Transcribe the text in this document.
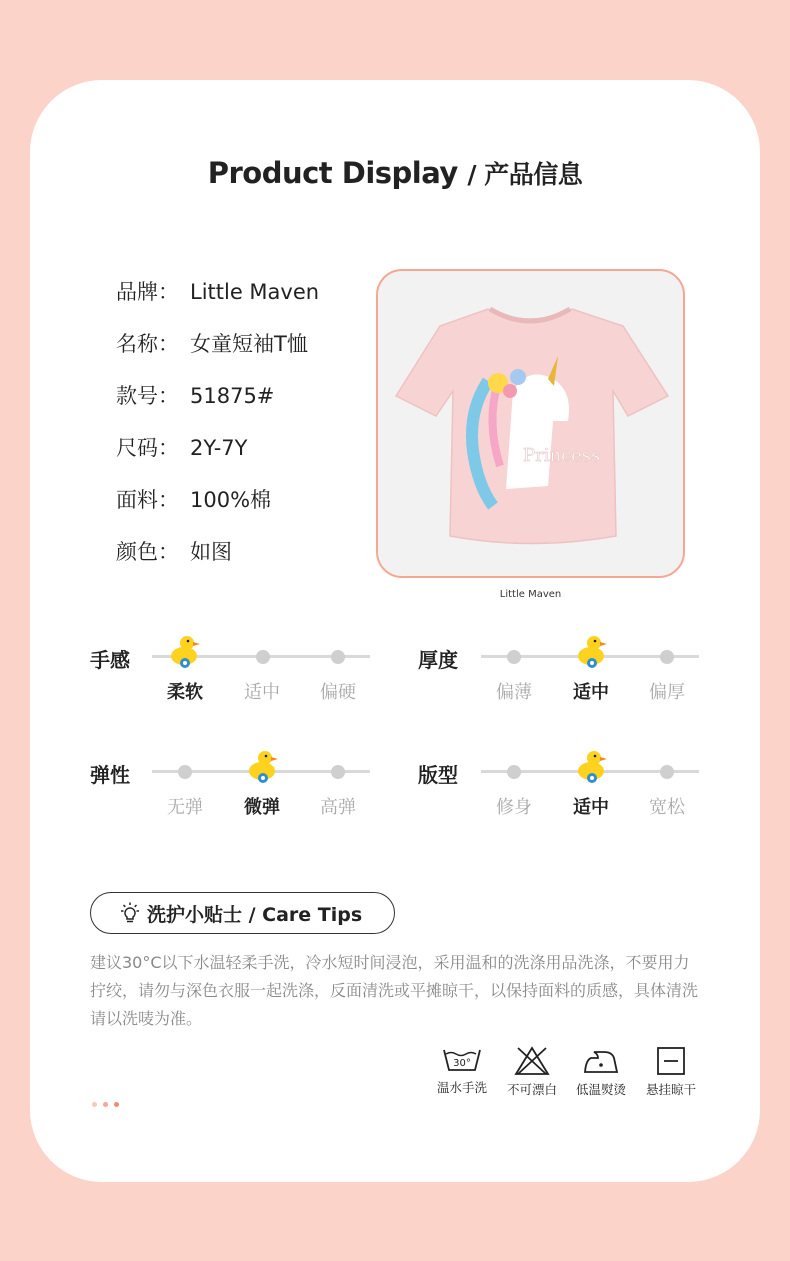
Product Display / 产品信息
品牌： Little Maven
名称： 女童短袖T恤
款号： 51875#
尺码： 2Y-7Y
面料： 100%棉
颜色： 如图
Princess
Little Maven
手感
柔软	适中	偏硬
厚度
偏薄	适中	偏厚
弹性
无弹	微弹	高弹
版型
修身	适中	宽松
洗护小贴士 / Care Tips
建议30°C以下水温轻柔手洗，冷水短时间浸泡，采用温和的洗涤用品洗涤，不要用力拧绞，请勿与深色衣服一起洗涤，反面清洗或平摊晾干，以保持面料的质感，具体清洗请以洗唛为准。
30°
温水手洗	不可漂白	低温熨烫	悬挂晾干
